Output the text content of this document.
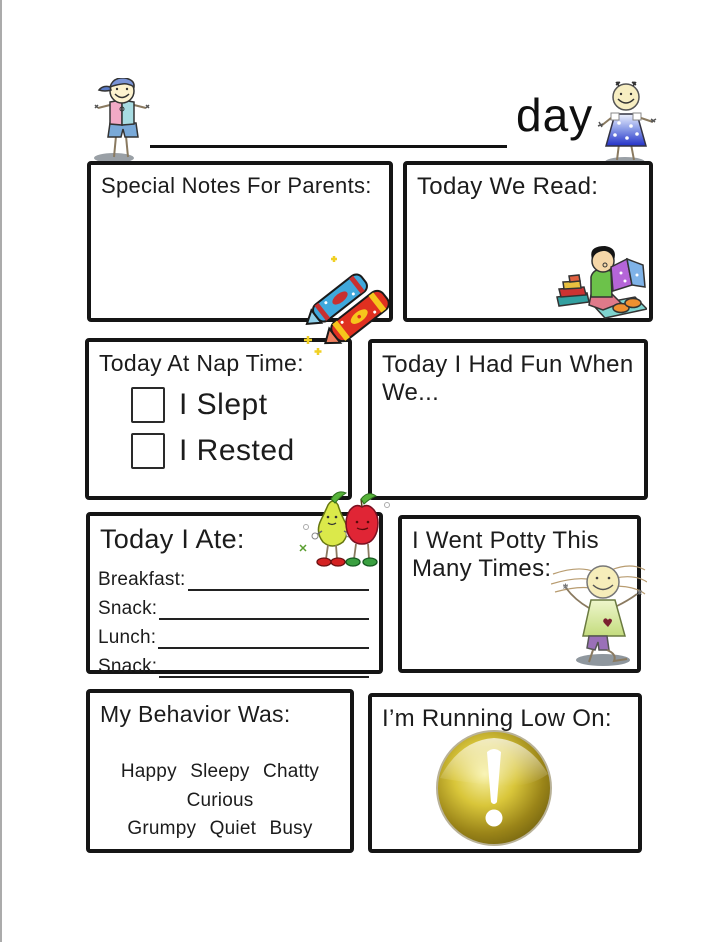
day
Special Notes For Parents:	Today We Read:
Today At Nap Time:
I Slept
I Rested
Today I Had Fun When We...
Today I Ate:
Breakfast:
Snack:
Lunch:
Snack:
I Went Potty This Many Times:
My Behavior Was:
Happy Sleepy Chatty Curious
Grumpy Quiet Busy
I’m Running Low On:
